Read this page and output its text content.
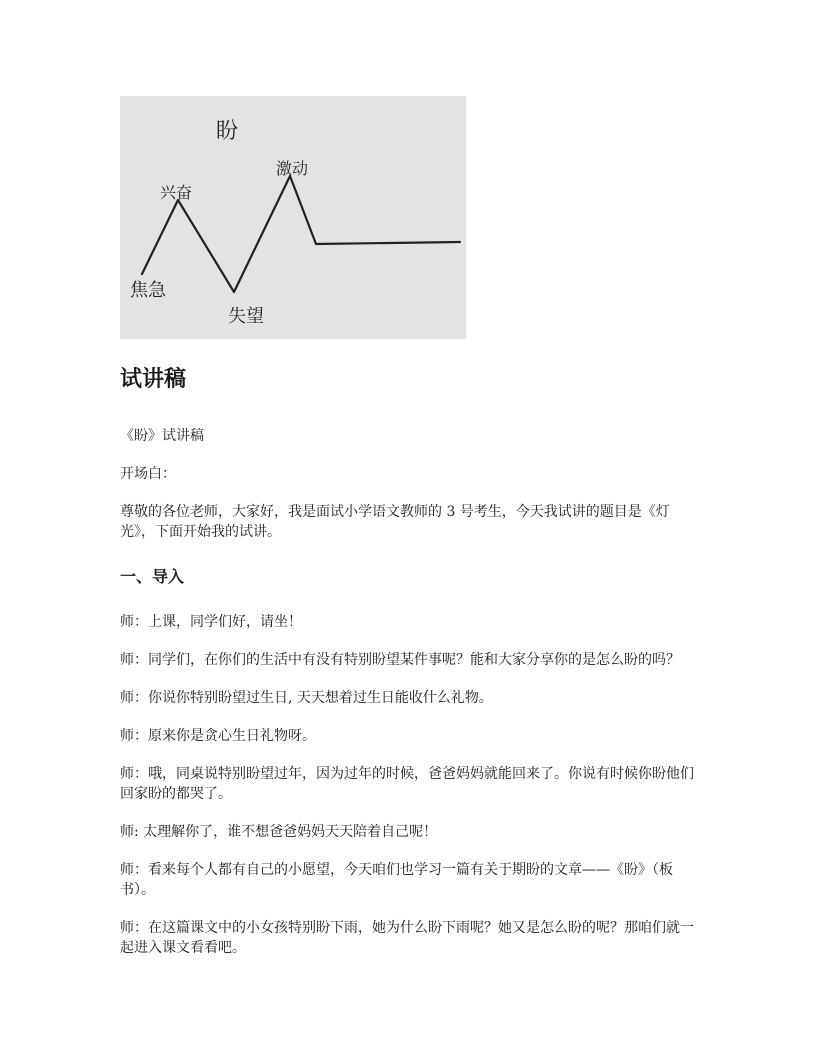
盼
兴奋
激动
失望
焦急
试讲稿

《盼》试讲稿

开场白：

尊敬的各位老师，大家好，我是面试小学语文教师的 3 号考生，今天我试讲的题目是《灯光》，下面开始我的试讲。

一、导入

师：上课，同学们好，请坐！

师：同学们，在你们的生活中有没有特别盼望某件事呢？能和大家分享你的是怎么盼的吗？

师：你说你特别盼望过生日, 天天想着过生日能收什么礼物。

师：原来你是贪心生日礼物呀。

师：哦，同桌说特别盼望过年，因为过年的时候，爸爸妈妈就能回来了。你说有时候你盼他们回家盼的都哭了。

师: 太理解你了，谁不想爸爸妈妈天天陪着自己呢！

师：看来每个人都有自己的小愿望，今天咱们也学习一篇有关于期盼的文章——《盼》（板书）。

师：在这篇课文中的小女孩特别盼下雨，她为什么盼下雨呢？她又是怎么盼的呢？那咱们就一起进入课文看看吧。
